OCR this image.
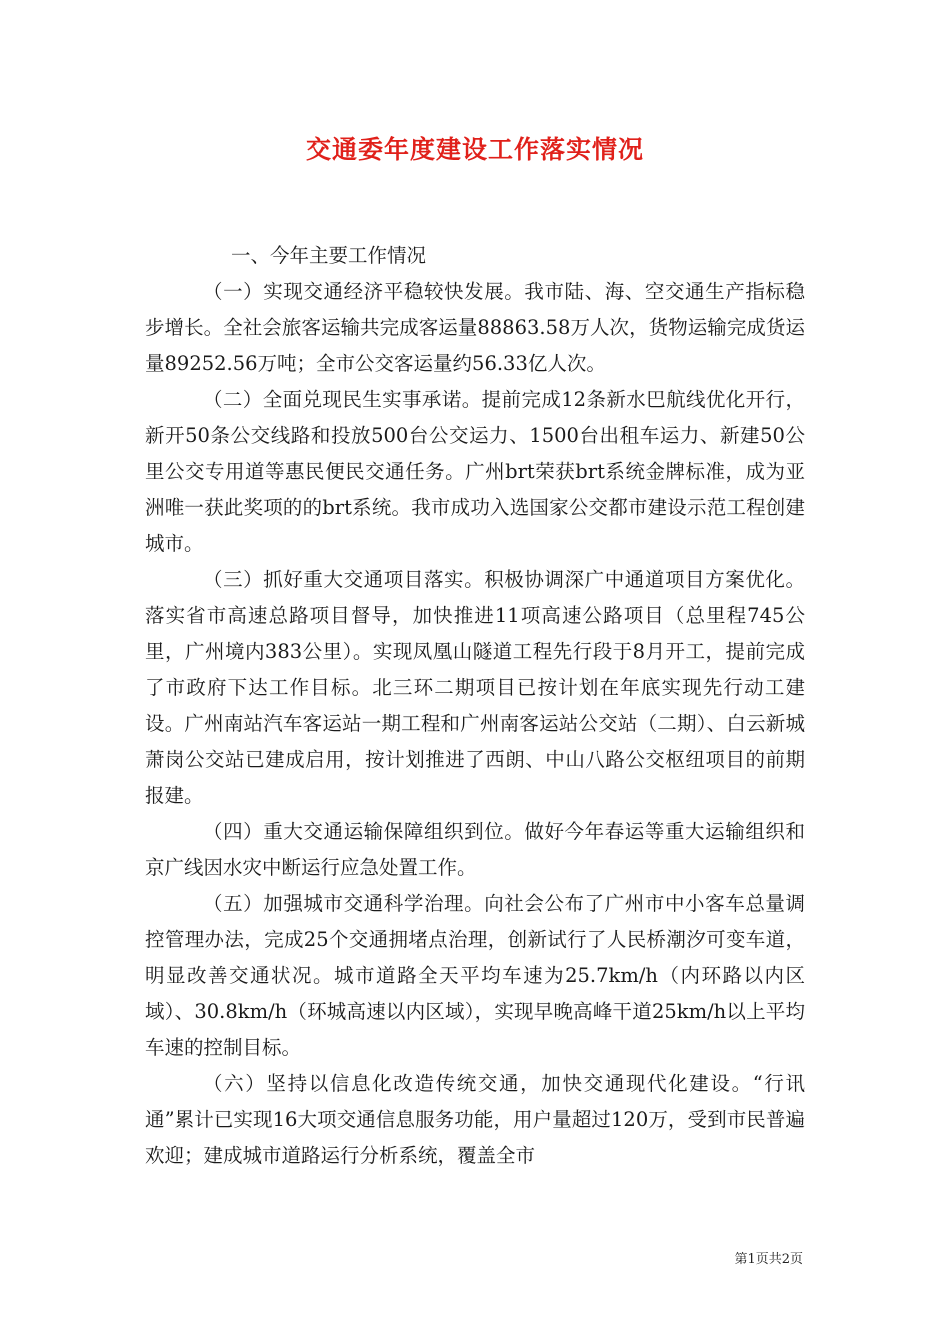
交通委年度建设工作落实情况

一、今年主要工作情况

（一）实现交通经济平稳较快发展。我市陆、海、空交通生产指标稳步增长。全社会旅客运输共完成客运量88863.58万人次，货物运输完成货运量89252.56万吨；全市公交客运量约56.33亿人次。

（二）全面兑现民生实事承诺。提前完成12条新水巴航线优化开行，新开50条公交线路和投放500台公交运力、1500台出租车运力、新建50公里公交专用道等惠民便民交通任务。广州brt荣获brt系统金牌标准，成为亚洲唯一获此奖项的的brt系统。我市成功入选国家公交都市建设示范工程创建城市。

（三）抓好重大交通项目落实。积极协调深广中通道项目方案优化。落实省市高速总路项目督导，加快推进11项高速公路项目（总里程745公里，广州境内383公里）。实现凤凰山隧道工程先行段于8月开工，提前完成了市政府下达工作目标。北三环二期项目已按计划在年底实现先行动工建设。广州南站汽车客运站一期工程和广州南客运站公交站（二期）、白云新城萧岗公交站已建成启用，按计划推进了西朗、中山八路公交枢纽项目的前期报建。

（四）重大交通运输保障组织到位。做好今年春运等重大运输组织和京广线因水灾中断运行应急处置工作。

（五）加强城市交通科学治理。向社会公布了广州市中小客车总量调控管理办法，完成25个交通拥堵点治理，创新试行了人民桥潮汐可变车道，明显改善交通状况。城市道路全天平均车速为25.7km/h（内环路以内区域）、30.8km/h（环城高速以内区域），实现早晚高峰干道25km/h以上平均车速的控制目标。

（六）坚持以信息化改造传统交通，加快交通现代化建设。“行讯通”累计已实现16大项交通信息服务功能，用户量超过120万，受到市民普遍欢迎；建成城市道路运行分析系统，覆盖全市

第1页共2页
